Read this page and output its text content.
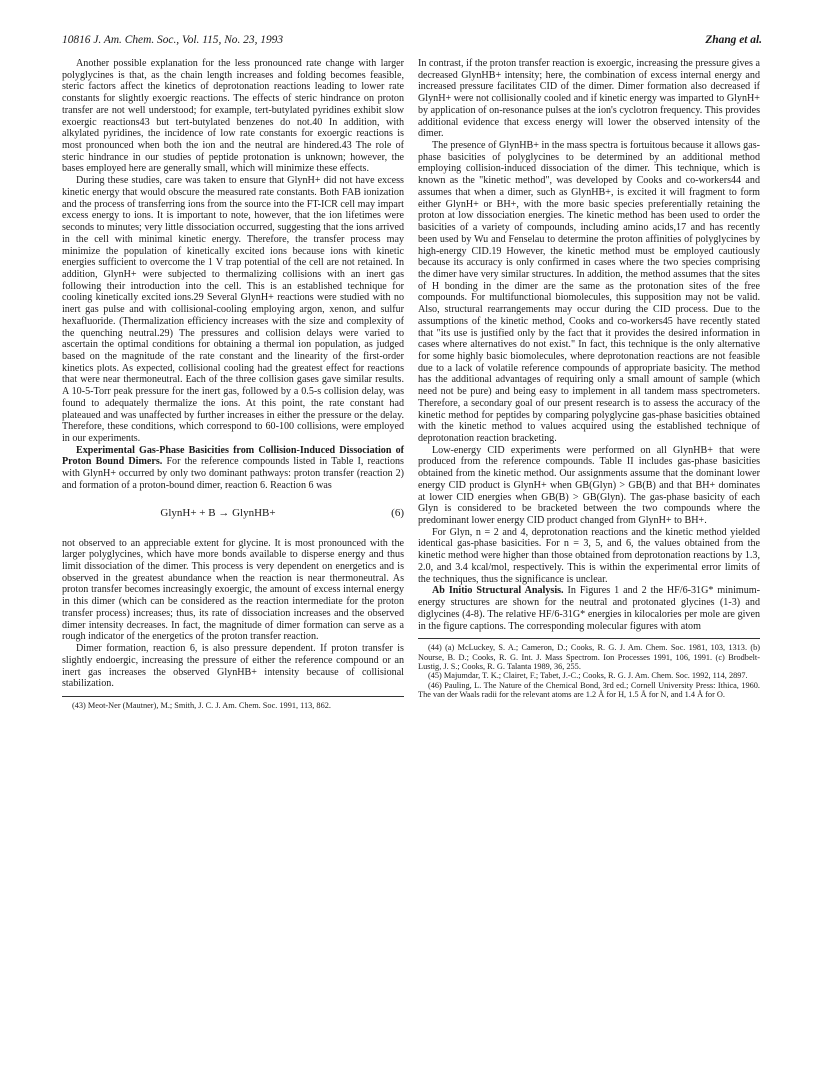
10816 J. Am. Chem. Soc., Vol. 115, No. 23, 1993	Zhang et al.

Another possible explanation for the less pronounced rate change with larger polyglycines is that, as the chain length increases and folding becomes feasible, steric factors affect the kinetics of deprotonation reactions leading to lower rate constants for slightly exoergic reactions. The effects of steric hindrance on proton transfer are not well understood; for example, tert-butylated pyridines exhibit slow exoergic reactions43 but tert-butylated benzenes do not.40 In addition, with alkylated pyridines, the incidence of low rate constants for exoergic reactions is most pronounced when both the ion and the neutral are hindered.43 The role of steric hindrance in our studies of peptide protonation is unknown; however, the bases employed here are generally small, which will minimize these effects.

During these studies, care was taken to ensure that GlynH+ did not have excess kinetic energy that would obscure the measured rate constants. Both FAB ionization and the process of transferring ions from the source into the FT-ICR cell may impart excess energy to ions. It is important to note, however, that the ion lifetimes were seconds to minutes; very little dissociation occurred, suggesting that the ions arrived in the cell with minimal kinetic energy. Therefore, the transfer process may minimize the population of kinetically excited ions because ions with kinetic energies sufficient to overcome the 1 V trap potential of the cell are not retained. In addition, GlynH+ were subjected to thermalizing collisions with an inert gas following their introduction into the cell. This is an established technique for cooling kinetically excited ions.29 Several GlynH+ reactions were studied with no inert gas pulse and with collisional-cooling employing argon, xenon, and sulfur hexafluoride. (Thermalization efficiency increases with the size and complexity of the quenching neutral.29) The pressures and collision delays were varied to ascertain the optimal conditions for obtaining a thermal ion population, as judged based on the magnitude of the rate constant and the linearity of the first-order kinetics plots. As expected, collisional cooling had the greatest effect for reactions that were near thermoneutral. Each of the three collision gases gave similar results. A 10-5-Torr peak pressure for the inert gas, followed by a 0.5-s collision delay, was found to adequately thermalize the ions. At this point, the rate constant had plateaued and was unaffected by further increases in either the pressure or the delay. Therefore, these conditions, which correspond to 60-100 collisions, were employed in our experiments.

Experimental Gas-Phase Basicities from Collision-Induced Dissociation of Proton Bound Dimers. For the reference compounds listed in Table I, reactions with GlynH+ occurred by only two dominant pathways: proton transfer (reaction 2) and formation of a proton-bound dimer, reaction 6. Reaction 6 was

GlynH+ + B → GlynHB+	(6)

not observed to an appreciable extent for glycine. It is most pronounced with the larger polyglycines, which have more bonds available to disperse energy and thus limit dissociation of the dimer. This process is very dependent on energetics and is observed in the greatest abundance when the reaction is near thermoneutral. As proton transfer becomes increasingly exoergic, the amount of excess internal energy in this dimer (which can be considered as the reaction intermediate for the proton transfer process) increases; thus, its rate of dissociation increases and the observed dimer intensity decreases. In fact, the magnitude of dimer formation can serve as a rough indicator of the energetics of the proton transfer reaction.

Dimer formation, reaction 6, is also pressure dependent. If proton transfer is slightly endoergic, increasing the pressure of either the reference compound or an inert gas increases the observed GlynHB+ intensity because of collisional stabilization.

(43) Meot-Ner (Mautner), M.; Smith, J. C. J. Am. Chem. Soc. 1991, 113, 862.

In contrast, if the proton transfer reaction is exoergic, increasing the pressure gives a decreased GlynHB+ intensity; here, the combination of excess internal energy and increased pressure facilitates CID of the dimer. Dimer formation also decreased if GlynH+ were not collisionally cooled and if kinetic energy was imparted to GlynH+ by application of on-resonance pulses at the ion's cyclotron frequency. This provides additional evidence that excess energy will lower the observed intensity of the dimer.

The presence of GlynHB+ in the mass spectra is fortuitous because it allows gas-phase basicities of polyglycines to be determined by an additional method employing collision-induced dissociation of the dimer. This technique, which is known as the "kinetic method", was developed by Cooks and co-workers44 and assumes that when a dimer, such as GlynHB+, is excited it will fragment to form either GlynH+ or BH+, with the more basic species preferentially retaining the proton at low dissociation energies. The kinetic method has been used to order the basicities of a variety of compounds, including amino acids,17 and has recently been used by Wu and Fenselau to determine the proton affinities of polyglycines by high-energy CID.19 However, the kinetic method must be employed cautiously because its accuracy is only confirmed in cases where the two species comprising the dimer have very similar structures. In addition, the method assumes that the sites of H bonding in the dimer are the same as the protonation sites of the free compounds. For multifunctional biomolecules, this supposition may not be valid. Also, structural rearrangements may occur during the CID process. Due to the assumptions of the kinetic method, Cooks and co-workers45 have recently stated that "its use is justified only by the fact that it provides the desired information in cases where alternatives do not exist." In fact, this technique is the only alternative for some highly basic biomolecules, where deprotonation reactions are not feasible due to a lack of volatile reference compounds of appropriate basicity. The method has the additional advantages of requiring only a small amount of sample (which need not be pure) and being easy to implement in all tandem mass spectrometers. Therefore, a secondary goal of our present research is to assess the accuracy of the kinetic method for peptides by comparing polyglycine gas-phase basicities obtained with the kinetic method to values acquired using the established technique of deprotonation reaction bracketing.

Low-energy CID experiments were performed on all GlynHB+ that were produced from the reference compounds. Table II includes gas-phase basicities obtained from the kinetic method. Our assignments assume that the dominant lower energy CID product is GlynH+ when GB(Glyn) > GB(B) and that BH+ dominates at lower CID energies when GB(B) > GB(Glyn). The gas-phase basicity of each Glyn is considered to be bracketed between the two compounds where the predominant lower energy CID product changed from GlynH+ to BH+.

For Glyn, n = 2 and 4, deprotonation reactions and the kinetic method yielded identical gas-phase basicities. For n = 3, 5, and 6, the values obtained from the kinetic method were higher than those obtained from deprotonation reactions by 1.3, 2.0, and 3.4 kcal/mol, respectively. This is within the experimental error limits of the techniques, thus the significance is unclear.

Ab Initio Structural Analysis. In Figures 1 and 2 the HF/6-31G* minimum-energy structures are shown for the neutral and protonated glycines (1-3) and diglycines (4-8). The relative HF/6-31G* energies in kilocalories per mole are given in the figure captions. The corresponding molecular figures with atom

(44) (a) McLuckey, S. A.; Cameron, D.; Cooks, R. G. J. Am. Chem. Soc. 1981, 103, 1313. (b) Nourse, B. D.; Cooks, R. G. Int. J. Mass Spectrom. Ion Processes 1991, 106, 1991. (c) Brodbelt-Lustig, J. S.; Cooks, R. G. Talanta 1989, 36, 255.

(45) Majumdar, T. K.; Clairet, F.; Tabet, J.-C.; Cooks, R. G. J. Am. Chem. Soc. 1992, 114, 2897.

(46) Pauling, L. The Nature of the Chemical Bond, 3rd ed.; Cornell University Press: Ithica, 1960. The van der Waals radii for the relevant atoms are 1.2 Å for H, 1.5 Å for N, and 1.4 Å for O.
